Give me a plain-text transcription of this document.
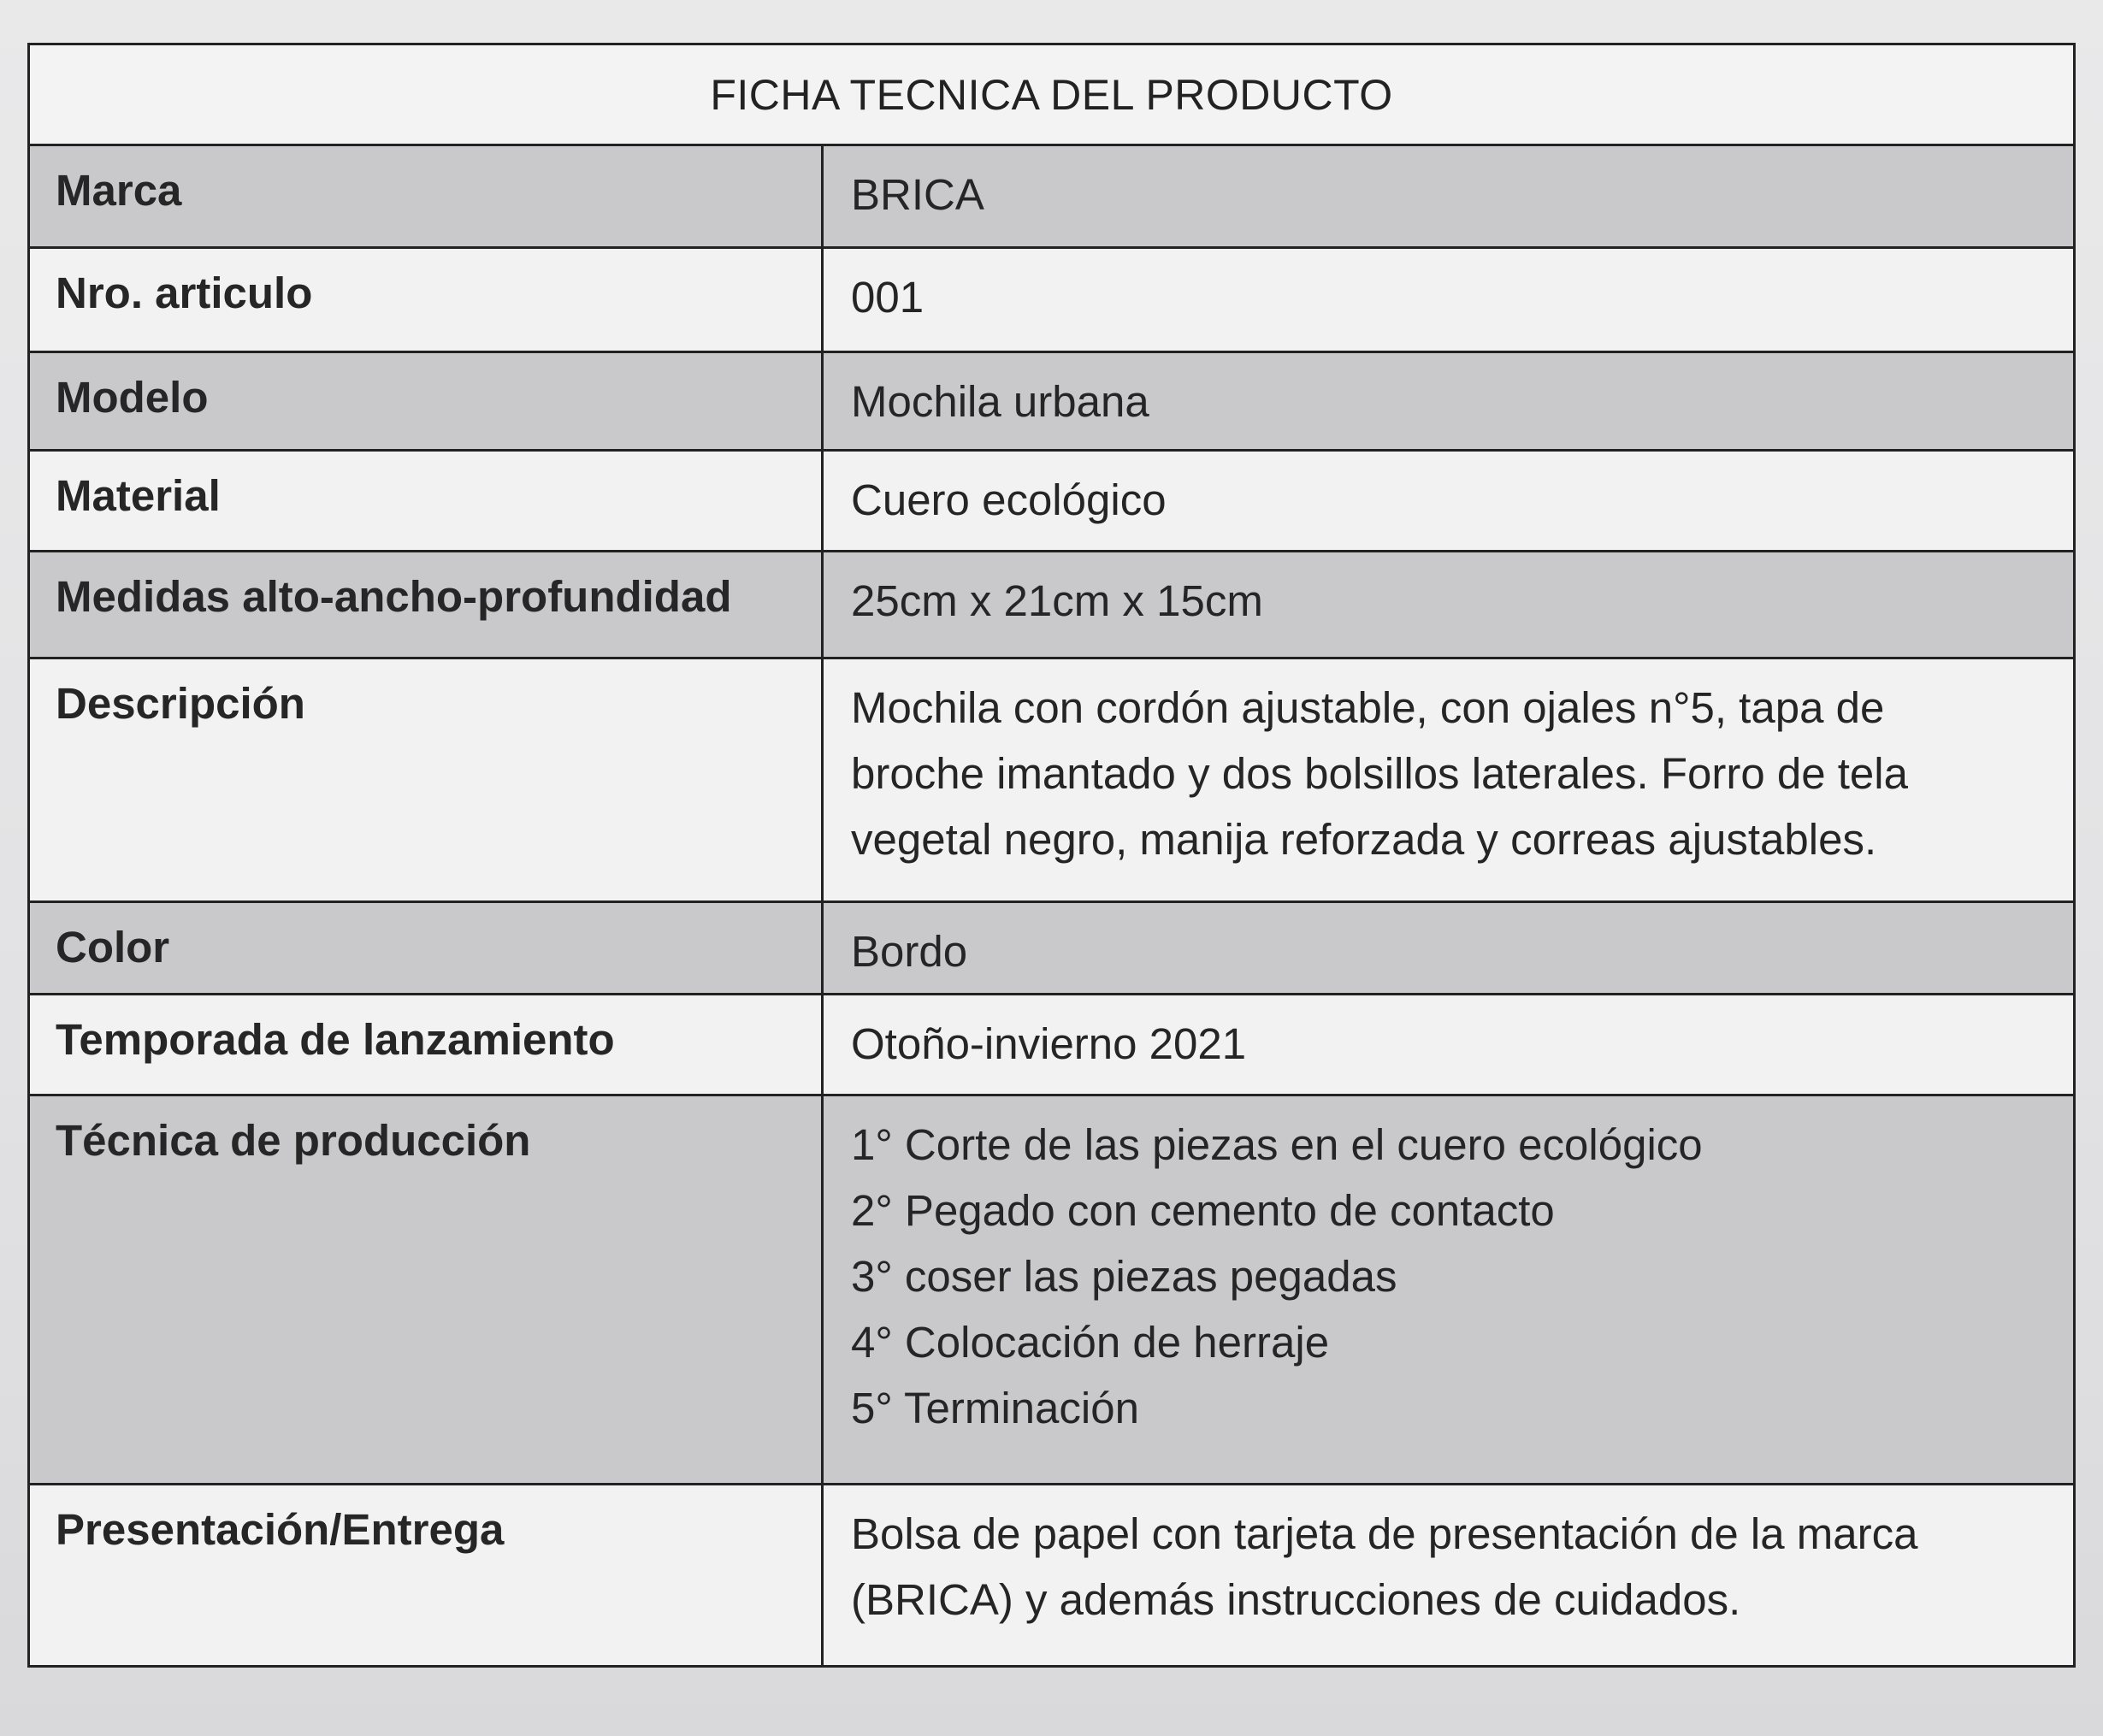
FICHA TECNICA DEL PRODUCTO
Marca	BRICA
Nro. articulo	001
Modelo	Mochila urbana
Material	Cuero ecológico
Medidas alto-ancho-profundidad	25cm x 21cm x 15cm
Descripción	Mochila con cordón ajustable, con ojales n°5, tapa de
broche imantado y dos bolsillos laterales. Forro de tela
vegetal negro, manija reforzada y correas ajustables.
Color	Bordo
Temporada de lanzamiento	Otoño-invierno 2021
Técnica de producción	1° Corte de las piezas en el cuero ecológico
2° Pegado con cemento de contacto
3° coser las piezas pegadas
4° Colocación de herraje
5° Terminación
Presentación/Entrega	Bolsa de papel con tarjeta de presentación de la marca
(BRICA) y además instrucciones de cuidados.
